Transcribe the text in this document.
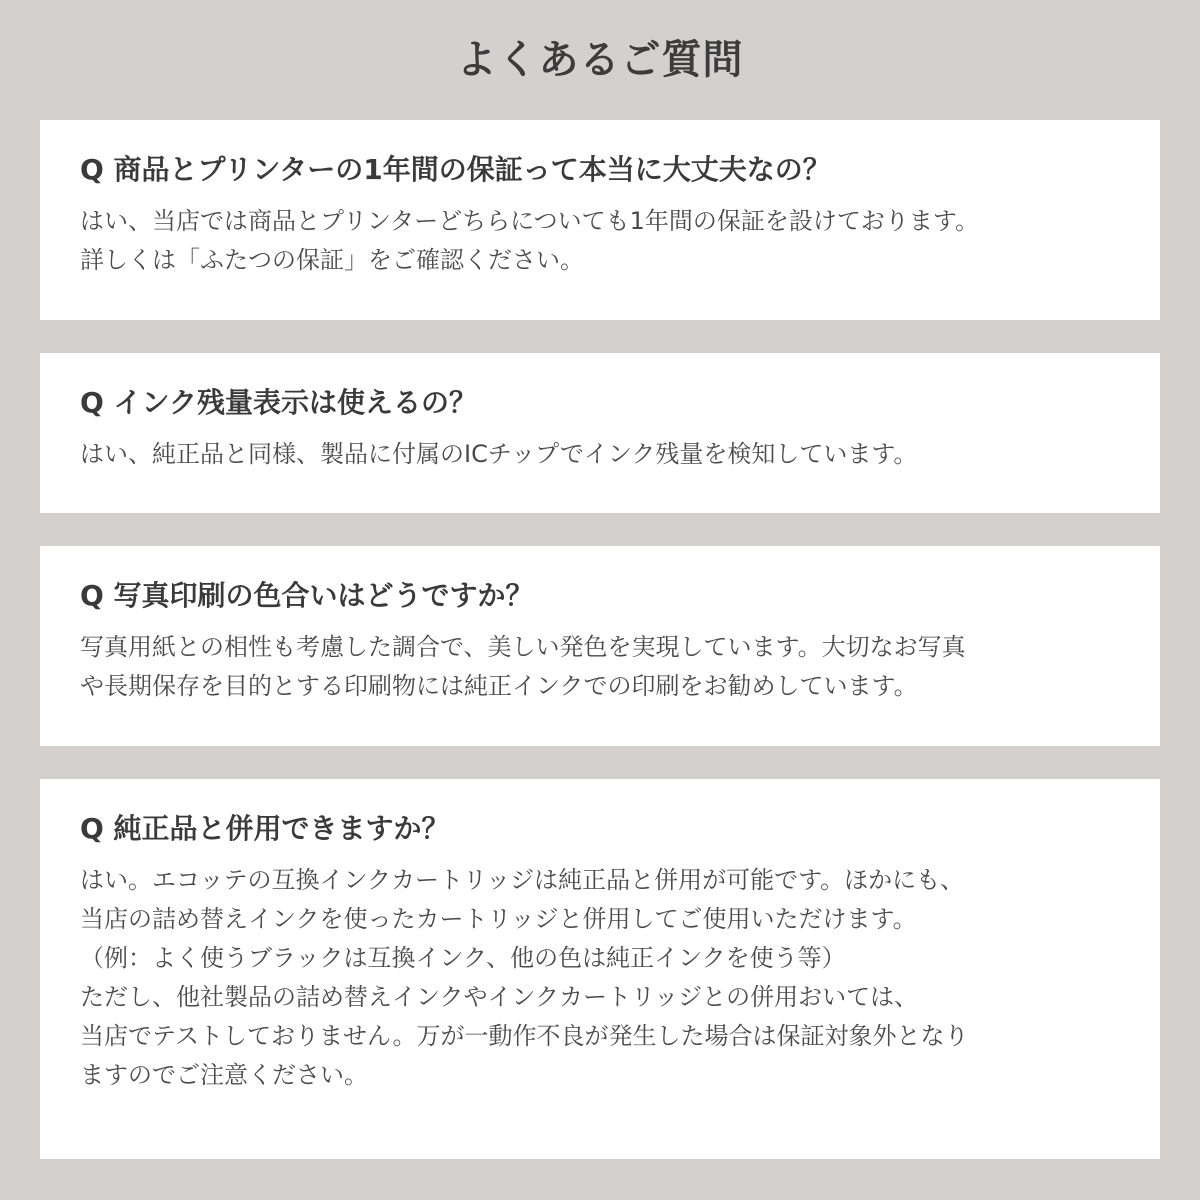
よくあるご質問
Q 商品とプリンターの1年間の保証って本当に大丈夫なの？
はい、当店では商品とプリンターどちらについても1年間の保証を設けております。
詳しくは「ふたつの保証」をご確認ください。
Q インク残量表示は使えるの？
はい、純正品と同様、製品に付属のICチップでインク残量を検知しています。
Q 写真印刷の色合いはどうですか？
写真用紙との相性も考慮した調合で、美しい発色を実現しています。大切なお写真
や長期保存を目的とする印刷物には純正インクでの印刷をお勧めしています。
Q 純正品と併用できますか？
はい。エコッテの互換インクカートリッジは純正品と併用が可能です。ほかにも、
当店の詰め替えインクを使ったカートリッジと併用してご使用いただけます。
（例：よく使うブラックは互換インク、他の色は純正インクを使う等）
ただし、他社製品の詰め替えインクやインクカートリッジとの併用おいては、
当店でテストしておりません。万が一動作不良が発生した場合は保証対象外となり
ますのでご注意ください。
